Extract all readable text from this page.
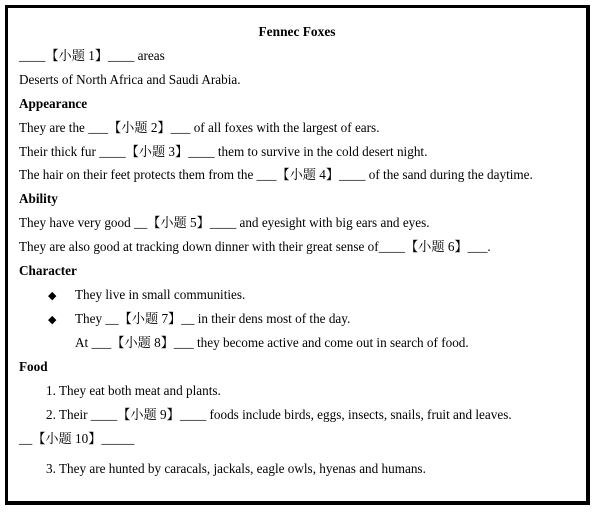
Fennec Foxes
____【小题 1】____ areas
Deserts of North Africa and Saudi Arabia.
Appearance
They are the ___【小题 2】___ of all foxes with the largest of ears.
Their thick fur ____【小题 3】____ them to survive in the cold desert night.
The hair on their feet protects them from the ___【小题 4】____ of the sand during the daytime.
Ability
They have very good __【小题 5】____ and eyesight with big ears and eyes.
They are also good at tracking down dinner with their great sense of____【小题 6】___.
Character
◆ They live in small communities.
◆ They __【小题 7】__ in their dens most of the day.
At ___【小题 8】___ they become active and come out in search of food.
Food
1. They eat both meat and plants.
2. Their ____【小题 9】____ foods include birds, eggs, insects, snails, fruit and leaves.
__【小题 10】_____
3. They are hunted by caracals, jackals, eagle owls, hyenas and humans.
